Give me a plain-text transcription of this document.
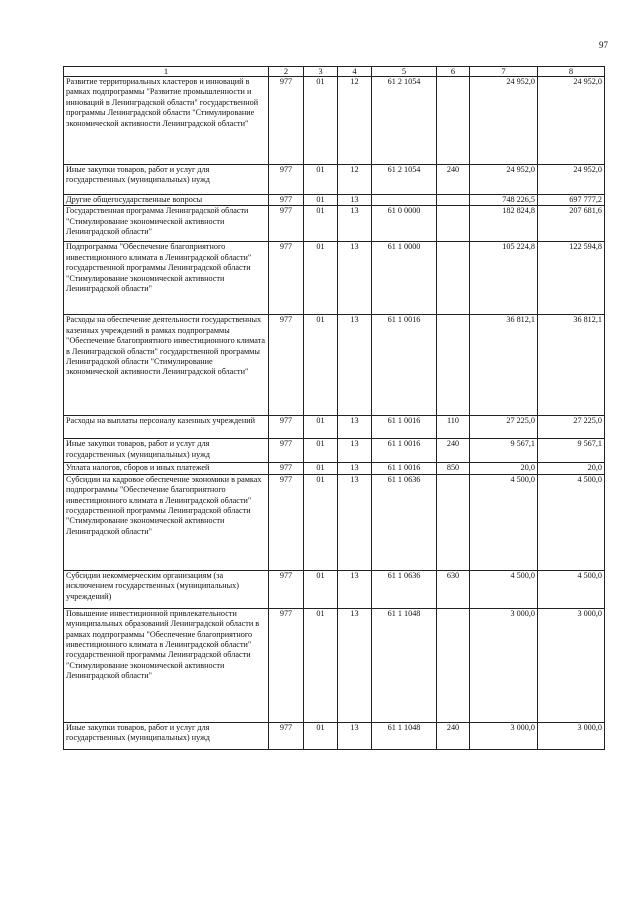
97
1	2	3	4	5	6	7	8
Развитие территориальных кластеров и инноваций в рамках подпрограммы "Развитие промышленности и инноваций в Ленинградской области" государственной программы Ленинградской области "Стимулирование экономической активности Ленинградской области"	977	01	12	61 2 1054		24 952,0	24 952,0
Иные закупки товаров, работ и услуг для государственных (муниципальных) нужд	977	01	12	61 2 1054	240	24 952,0	24 952,0
Другие общегосударственные вопросы	977	01	13			748 226,5	697 777,2
Государственная программа Ленинградской области "Стимулирование экономической активности Ленинградской области"	977	01	13	61 0 0000		182 824,8	207 681,6
Подпрограмма "Обеспечение благоприятного инвестиционного климата в Ленинградской области" государственной программы Ленинградской области "Стимулирование экономической активности Ленинградской области"	977	01	13	61 1 0000		105 224,8	122 594,8
Расходы на обеспечение деятельности государственных казенных учреждений в рамках подпрограммы "Обеспечение благоприятного инвестиционного климата в Ленинградской области" государственной программы Ленинградской области "Стимулирование экономической активности Ленинградской области"	977	01	13	61 1 0016		36 812,1	36 812,1
Расходы на выплаты персоналу казенных учреждений	977	01	13	61 1 0016	110	27 225,0	27 225,0
Иные закупки товаров, работ и услуг для государственных (муниципальных) нужд	977	01	13	61 1 0016	240	9 567,1	9 567,1
Уплата налогов, сборов и иных платежей	977	01	13	61 1 0016	850	20,0	20,0
Субсидии на кадровое обеспечение экономики в рамках подпрограммы "Обеспечение благоприятного инвестиционного климата в Ленинградской области" государственной программы Ленинградской области "Стимулирование экономической активности Ленинградской области"	977	01	13	61 1 0636		4 500,0	4 500,0
Субсидии некоммерческим организациям (за исключением государственных (муниципальных) учреждений)	977	01	13	61 1 0636	630	4 500,0	4 500,0
Повышение инвестиционной привлекательности муниципальных образований Ленинградской области в рамках подпрограммы "Обеспечение благоприятного инвестиционного климата в Ленинградской области" государственной программы Ленинградской области "Стимулирование экономической активности Ленинградской области"	977	01	13	61 1 1048		3 000,0	3 000,0
Иные закупки товаров, работ и услуг для государственных (муниципальных) нужд	977	01	13	61 1 1048	240	3 000,0	3 000,0
